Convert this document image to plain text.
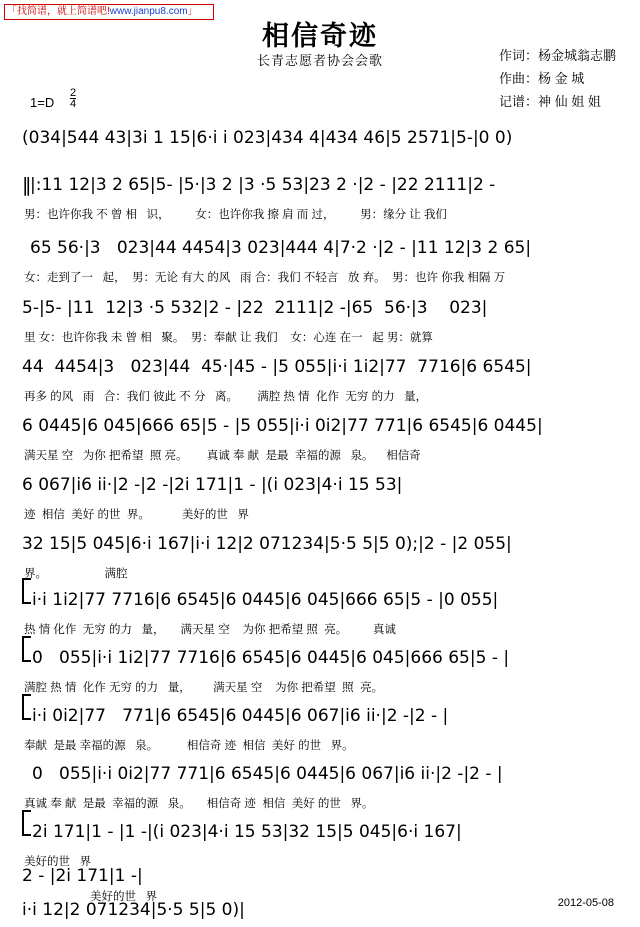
「找简谱，就上简谱吧!www.jianpu8.com」
相信奇迹
长青志愿者协会会歌	作词：杨金城翁志鹏
作曲：杨 金 城
记谱：神 仙 姐 姐
$1=D \frac{2}{4}$
(034|544 43|3i 1 15|6·i i 023|434 4|434 46|5 2571|5-|0 0)
‖
|:11 12|3 2 65|5- |5·|3 2 |3 ·5 53|23 2 ·|2 - |22 2111|2 -
男：也许你我 不 曾 相   识，        女：也许你我 擦 肩 而 过，        男：缘分 让 我们
65 56·|3   023|44 4454|3 023|444 4|7·2 ·|2 - |11 12|3 2 65|
女：走到了一   起，  男：无论 有大 的风   雨 合：我们 不轻言   放 弃。  男：也许 你我 相隔 万
5-|5- |11  12|3 ·5 532|2 - |22  2111|2 -|65  56·|3    023|
里 女：也许你我 未 曾 相   聚。  男：奉献 让 我们    女：心连 在一   起 男：就算
44  4454|3   023|44  45·|45 - |5 055|i·i 1i2|77  7716|6 6545|
再多 的风   雨   合：我们 彼此 不 分   离。      满腔 热 情  化作  无穷 的力   量，
6 0445|6 045|666 65|5 - |5 055|i·i 0i2|77 771|6 6545|6 0445|
满天星 空   为你 把希望  照 亮。      真诚 奉 献  是最  幸福的源   泉。    相信奇
6 067|i6 ii·|2 -|2 -|2i 171|1 - |(i 023|4·i 15 53|
迹  相信  美好 的世  界。          美好的世   界
32 15|5 045|6·i 167|i·i 12|2 071234|5·5 5|5 0);|2 - |2 055|
界。                  满腔
i·i 1i2|77 7716|6 6545|6 0445|6 045|666 65|5 - |0 055|
热 情 化作  无穷 的力   量，     满天星 空    为你 把希望 照  亮。        真诚
0   055|i·i 1i2|77 7716|6 6545|6 0445|6 045|666 65|5 - |
满腔 热 情  化作 无穷 的力   量，       满天星 空    为你 把希望  照  亮。
i·i 0i2|77   771|6 6545|6 0445|6 067|i6 ii·|2 -|2 - |
奉献  是最 幸福的源   泉。         相信奇 迹  相信  美好 的世   界。
0   055|i·i 0i2|77 771|6 6545|6 0445|6 067|i6 ii·|2 -|2 - |
真诚 奉 献  是最  幸福的源   泉。     相信奇 迹  相信  美好 的世   界。
2i 171|1 - |1 -|(i 023|4·i 15 53|32 15|5 045|6·i 167|
美好的世   界
2 - |2i 171|1 -|
美好的世   界
i·i 12|2 071234|5·5 5|5 0)|	2012-05-08
